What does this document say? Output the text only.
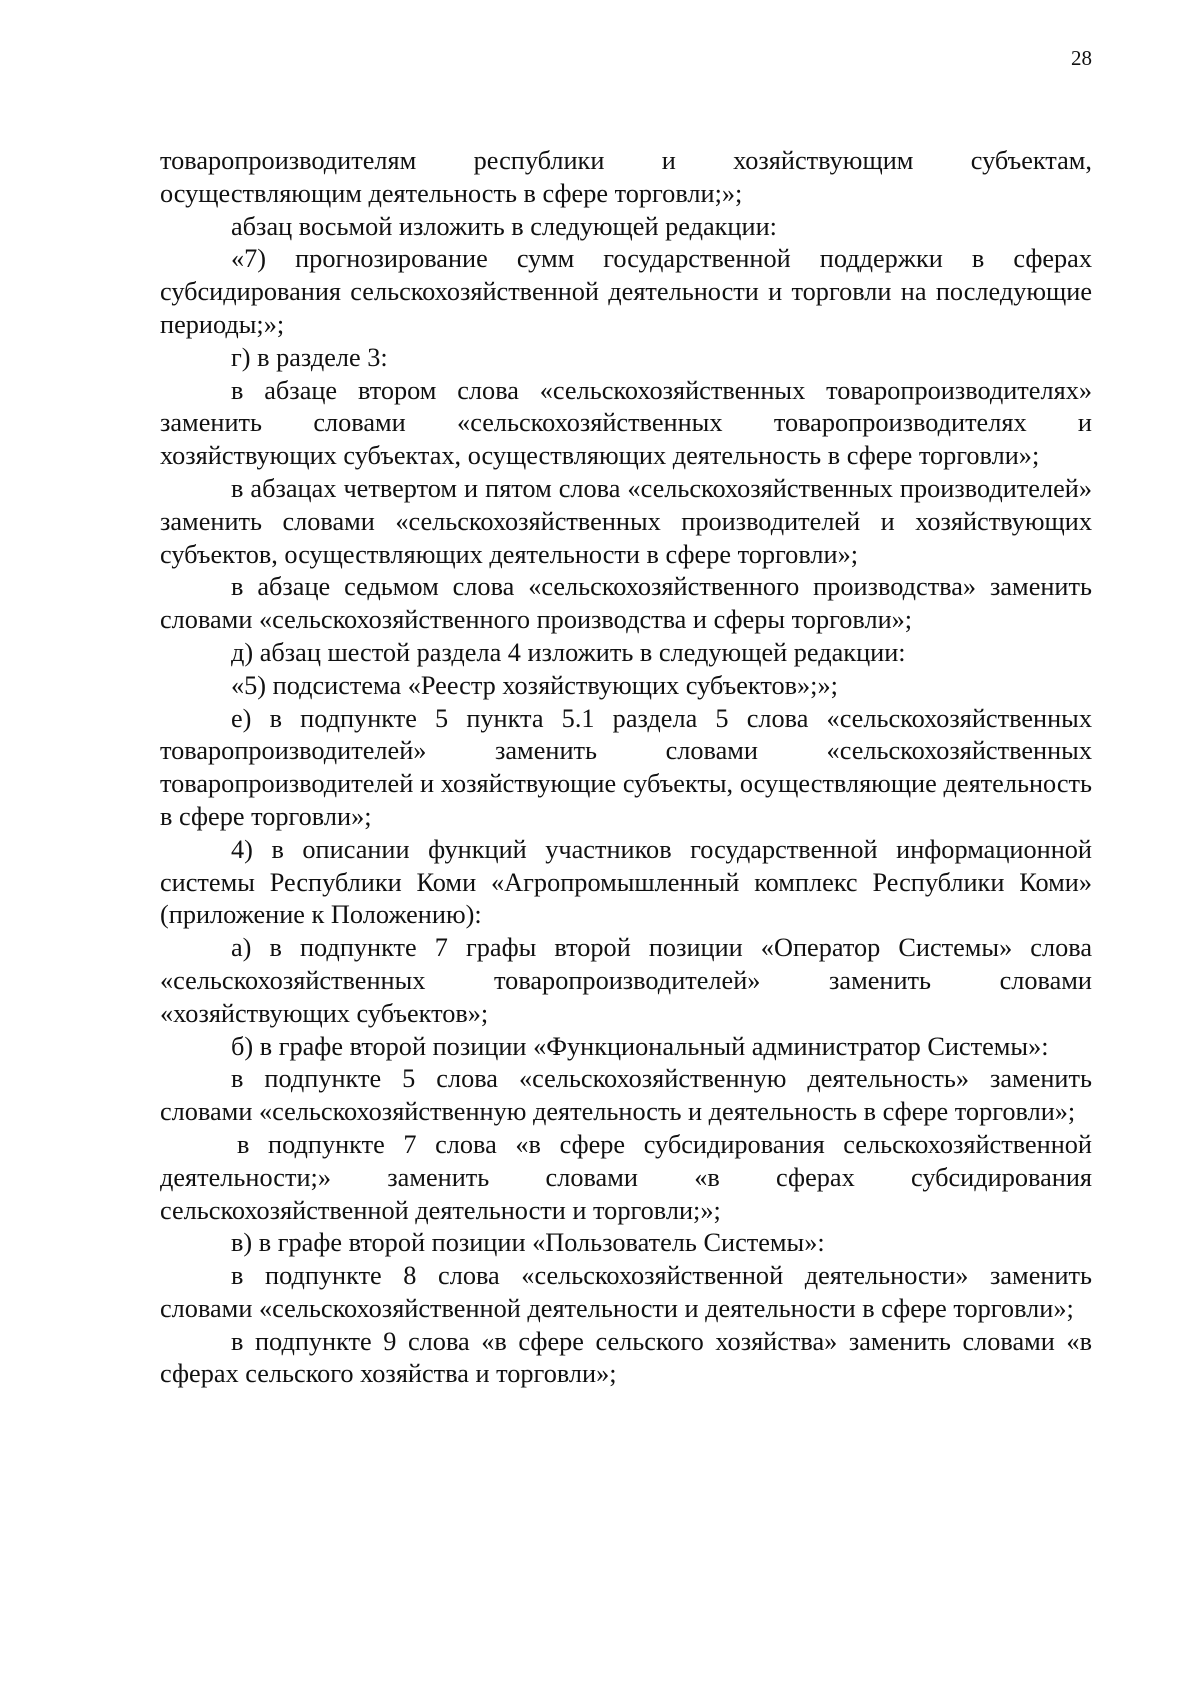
28

товаропроизводителям республики и хозяйствующим субъектам, осуществляющим деятельность в сфере торговли;»;

абзац восьмой изложить в следующей редакции:

«7) прогнозирование сумм государственной поддержки в сферах субсидирования сельскохозяйственной деятельности и торговли на последующие периоды;»;

г) в разделе 3:

в абзаце втором слова «сельскохозяйственных товаропроизводителях» заменить словами «сельскохозяйственных товаропроизводителях и хозяйствующих субъектах, осуществляющих деятельность в сфере торговли»;

в абзацах четвертом и пятом слова «сельскохозяйственных производителей» заменить словами «сельскохозяйственных производителей и хозяйствующих субъектов, осуществляющих деятельности в сфере торговли»;

в абзаце седьмом слова «сельскохозяйственного производства» заменить словами «сельскохозяйственного производства и сферы торговли»;

д) абзац шестой раздела 4 изложить в следующей редакции:

«5) подсистема «Реестр хозяйствующих субъектов»;»;

е) в подпункте 5 пункта 5.1 раздела 5 слова «сельскохозяйственных товаропроизводителей» заменить словами «сельскохозяйственных товаропроизводителей и хозяйствующие субъекты, осуществляющие деятельность в сфере торговли»;

4) в описании функций участников государственной информационной системы Республики Коми «Агропромышленный комплекс Республики Коми» (приложение к Положению):

а) в подпункте 7 графы второй позиции «Оператор Системы» слова «сельскохозяйственных товаропроизводителей» заменить словами «хозяйствующих субъектов»;

б) в графе второй позиции «Функциональный администратор Системы»:

в подпункте 5 слова «сельскохозяйственную деятельность» заменить словами «сельскохозяйственную деятельность и деятельность в сфере торговли»;

в подпункте 7 слова «в сфере субсидирования сельскохозяйственной деятельности;» заменить словами «в сферах субсидирования сельскохозяйственной деятельности и торговли;»;

в) в графе второй позиции «Пользователь Системы»:

в подпункте 8 слова «сельскохозяйственной деятельности» заменить словами «сельскохозяйственной деятельности и деятельности в сфере торговли»;

в подпункте 9 слова «в сфере сельского хозяйства» заменить словами «в сферах сельского хозяйства и торговли»;
